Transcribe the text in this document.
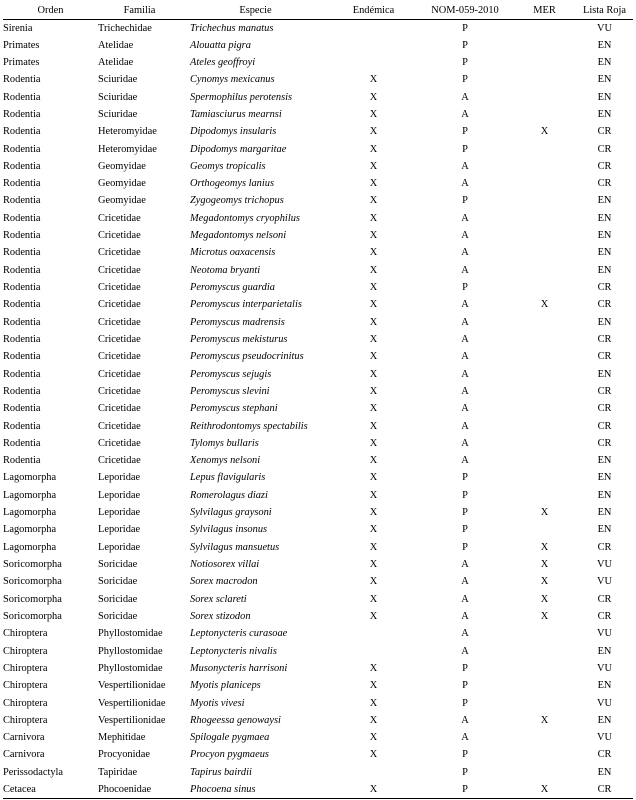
Orden	Familia	Especie	Endémica	NOM-059-2010	MER	Lista Roja
Sirenia	Trichechidae	Trichechus manatus		P		VU
Primates	Atelidae	Alouatta pigra		P		EN
Primates	Atelidae	Ateles geoffroyi		P		EN
Rodentia	Sciuridae	Cynomys mexicanus	X	P		EN
Rodentia	Sciuridae	Spermophilus perotensis	X	A		EN
Rodentia	Sciuridae	Tamiasciurus mearnsi	X	A		EN
Rodentia	Heteromyidae	Dipodomys insularis	X	P	X	CR
Rodentia	Heteromyidae	Dipodomys margaritae	X	P		CR
Rodentia	Geomyidae	Geomys tropicalis	X	A		CR
Rodentia	Geomyidae	Orthogeomys lanius	X	A		CR
Rodentia	Geomyidae	Zygogeomys trichopus	X	P		EN
Rodentia	Cricetidae	Megadontomys cryophilus	X	A		EN
Rodentia	Cricetidae	Megadontomys nelsoni	X	A		EN
Rodentia	Cricetidae	Microtus oaxacensis	X	A		EN
Rodentia	Cricetidae	Neotoma bryanti	X	A		EN
Rodentia	Cricetidae	Peromyscus guardia	X	P		CR
Rodentia	Cricetidae	Peromyscus interparietalis	X	A	X	CR
Rodentia	Cricetidae	Peromyscus madrensis	X	A		EN
Rodentia	Cricetidae	Peromyscus mekisturus	X	A		CR
Rodentia	Cricetidae	Peromyscus pseudocrinitus	X	A		CR
Rodentia	Cricetidae	Peromyscus sejugis	X	A		EN
Rodentia	Cricetidae	Peromyscus slevini	X	A		CR
Rodentia	Cricetidae	Peromyscus stephani	X	A		CR
Rodentia	Cricetidae	Reithrodontomys spectabilis	X	A		CR
Rodentia	Cricetidae	Tylomys bullaris	X	A		CR
Rodentia	Cricetidae	Xenomys nelsoni	X	A		EN
Lagomorpha	Leporidae	Lepus flavigularis	X	P		EN
Lagomorpha	Leporidae	Romerolagus diazi	X	P		EN
Lagomorpha	Leporidae	Sylvilagus graysoni	X	P	X	EN
Lagomorpha	Leporidae	Sylvilagus insonus	X	P		EN
Lagomorpha	Leporidae	Sylvilagus mansuetus	X	P	X	CR
Soricomorpha	Soricidae	Notiosorex villai	X	A	X	VU
Soricomorpha	Soricidae	Sorex macrodon	X	A	X	VU
Soricomorpha	Soricidae	Sorex sclareti	X	A	X	CR
Soricomorpha	Soricidae	Sorex stizodon	X	A	X	CR
Chiroptera	Phyllostomidae	Leptonycteris curasoae		A		VU
Chiroptera	Phyllostomidae	Leptonycteris nivalis		A		EN
Chiroptera	Phyllostomidae	Musonycteris harrisoni	X	P		VU
Chiroptera	Vespertilionidae	Myotis planiceps	X	P		EN
Chiroptera	Vespertilionidae	Myotis vivesi	X	P		VU
Chiroptera	Vespertilionidae	Rhogeessa genowaysi	X	A	X	EN
Carnivora	Mephitidae	Spilogale pygmaea	X	A		VU
Carnivora	Procyonidae	Procyon pygmaeus	X	P		CR
Perissodactyla	Tapiridae	Tapirus bairdii		P		EN
Cetacea	Phocoenidae	Phocoena sinus	X	P	X	CR
